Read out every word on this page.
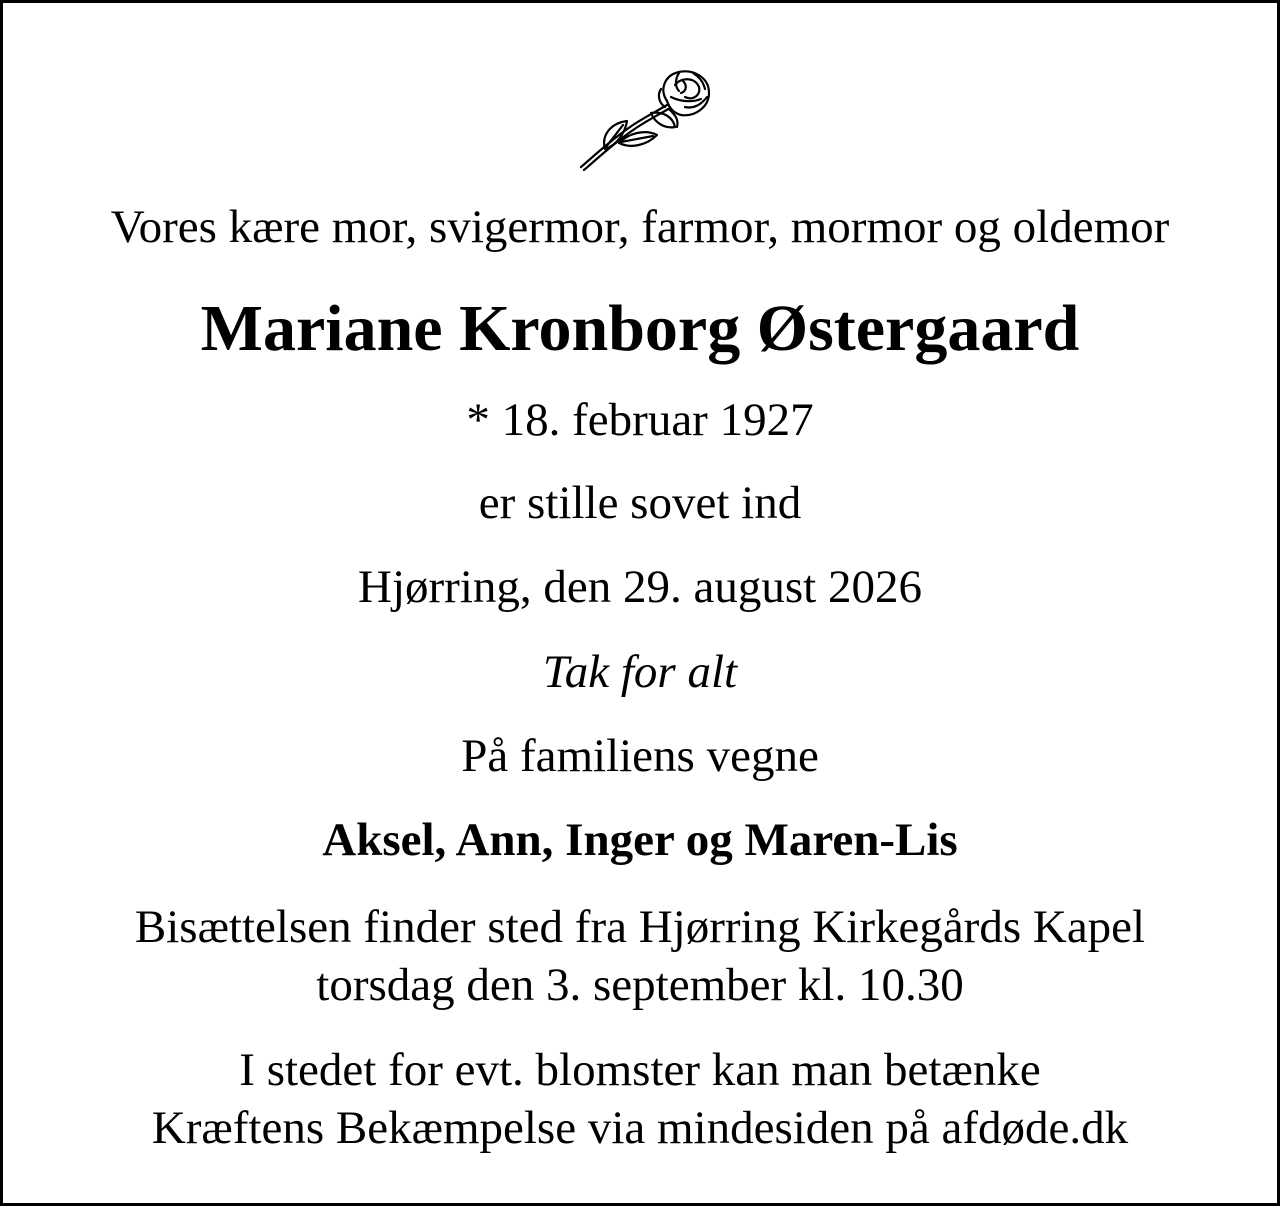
Vores kære mor, svigermor, farmor, mormor og oldemor
Mariane Kronborg Østergaard
* 18. februar 1927
er stille sovet ind
Hjørring, den 29. august 2026
Tak for alt
På familiens vegne
Aksel, Ann, Inger og Maren-Lis
Bisættelsen finder sted fra Hjørring Kirkegårds Kapel
torsdag den 3. september kl. 10.30
I stedet for evt. blomster kan man betænke
Kræftens Bekæmpelse via mindesiden på afdøde.dk
